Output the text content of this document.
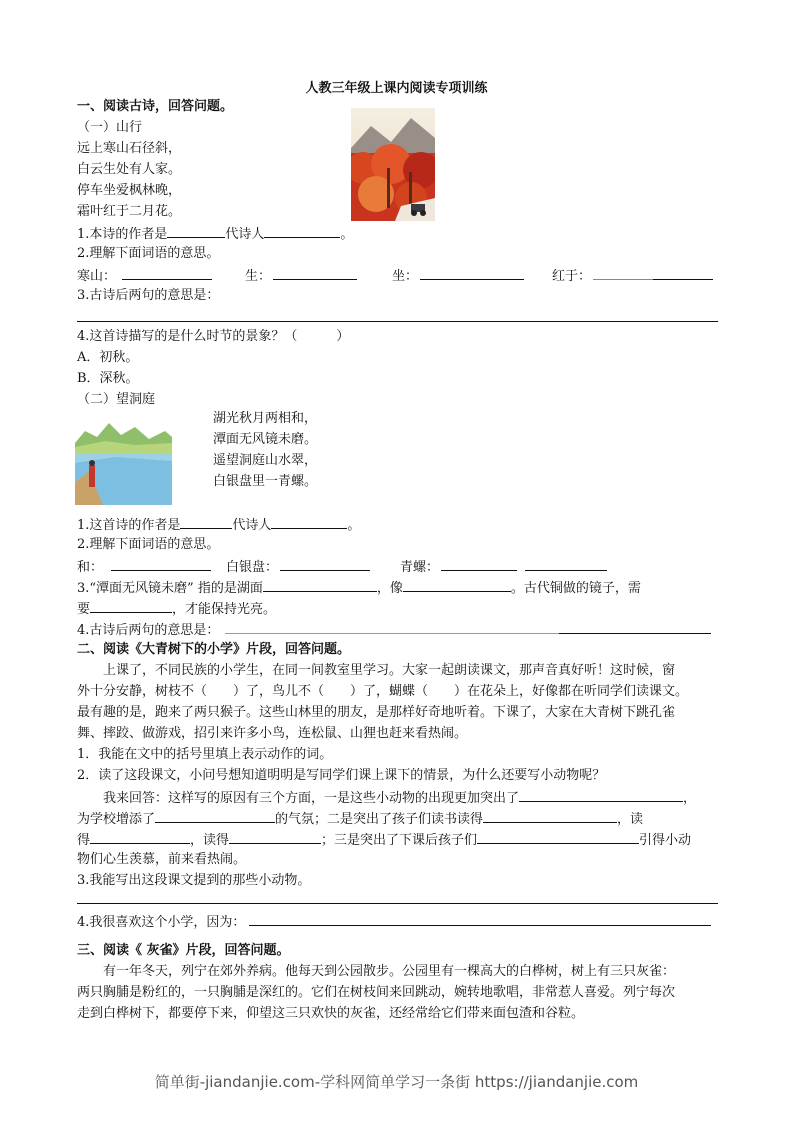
人教三年级上课内阅读专项训练
一、阅读古诗，回答问题。
（一）山行
远上寒山石径斜，
白云生处有人家。
停车坐爱枫林晚，
霜叶红于二月花。
1.本诗的作者是	代诗人	。
2.理解下面词语的意思。
寒山：	生：	坐：	红于：
3.古诗后两句的意思是：
4.这首诗描写的是什么时节的景象？（　　　）
A．初秋。
B．深秋。
（二）望洞庭
湖光秋月两相和，
潭面无风镜未磨。
遥望洞庭山水翠，
白银盘里一青螺。
1.这首诗的作者是	代诗人	。
2.理解下面词语的意思。
和：	白银盘：	青螺：
3.“潭面无风镜未磨” 指的是湖面	，像	。古代铜做的镜子，需
要	，才能保持光亮。
4.古诗后两句的意思是：
二、阅读《大青树下的小学》片段，回答问题。
上课了，不同民族的小学生，在同一间教室里学习。大家一起朗读课文，那声音真好听！这时候，窗
外十分安静，树枝不（　　）了，鸟儿不（　　）了，蝴蝶（　　）在花朵上，好像都在听同学们读课文。
最有趣的是，跑来了两只猴子。这些山林里的朋友，是那样好奇地听着。下课了，大家在大青树下跳孔雀
舞、摔跤、做游戏，招引来许多小鸟，连松鼠、山狸也赶来看热闹。
1．我能在文中的括号里填上表示动作的词。
2．读了这段课文，小问号想知道明明是写同学们课上课下的情景，为什么还要写小动物呢？
我来回答：这样写的原因有三个方面，一是这些小动物的出现更加突出了	，
为学校增添了	的气氛；二是突出了孩子们读书读得	，读
得	，读得	；三是突出了下课后孩子们	引得小动
物们心生羡慕，前来看热闹。
3.我能写出这段课文提到的那些小动物。
4.我很喜欢这个小学，因为：
三、阅读《 灰雀》片段，回答问题。
有一年冬天，列宁在郊外养病。他每天到公园散步。公园里有一棵高大的白桦树，树上有三只灰雀：
两只胸脯是粉红的，一只胸脯是深红的。它们在树枝间来回跳动，婉转地歌唱，非常惹人喜爱。列宁每次
走到白桦树下，都要停下来，仰望这三只欢快的灰雀，还经常给它们带来面包渣和谷粒。
简单街-jiandanjie.com-学科网简单学习一条街 https://jiandanjie.com
